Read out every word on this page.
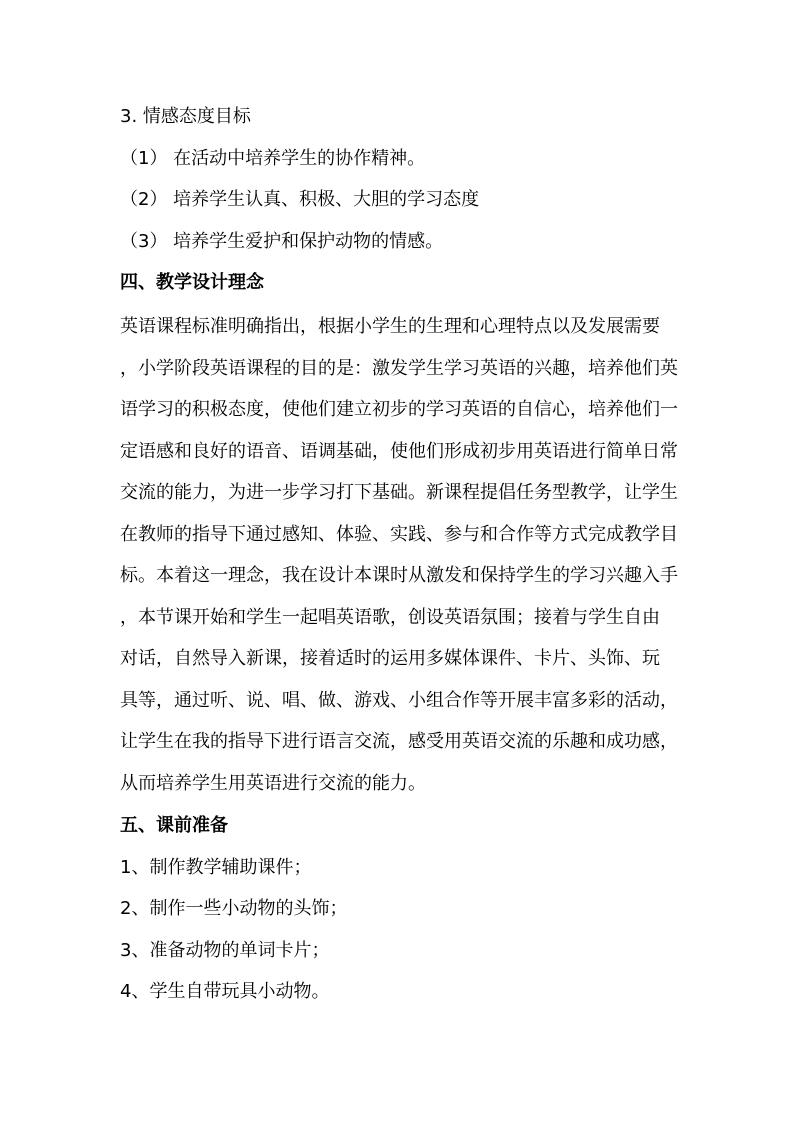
3. 情感态度目标
（1） 在活动中培养学生的协作精神。
（2） 培养学生认真、积极、大胆的学习态度
（3） 培养学生爱护和保护动物的情感。
四、教学设计理念
英语课程标准明确指出，根据小学生的生理和心理特点以及发展需要
，小学阶段英语课程的目的是：激发学生学习英语的兴趣，培养他们英
语学习的积极态度，使他们建立初步的学习英语的自信心，培养他们一
定语感和良好的语音、语调基础，使他们形成初步用英语进行简单日常
交流的能力，为进一步学习打下基础。新课程提倡任务型教学，让学生
在教师的指导下通过感知、体验、实践、参与和合作等方式完成教学目
标。本着这一理念，我在设计本课时从激发和保持学生的学习兴趣入手
，本节课开始和学生一起唱英语歌，创设英语氛围；接着与学生自由
对话，自然导入新课，接着适时的运用多媒体课件、卡片、头饰、玩
具等，通过听、说、唱、做、游戏、小组合作等开展丰富多彩的活动，
让学生在我的指导下进行语言交流，感受用英语交流的乐趣和成功感，
从而培养学生用英语进行交流的能力。
五、课前准备
1、制作教学辅助课件；
2、制作一些小动物的头饰；
3、准备动物的单词卡片；
4、学生自带玩具小动物。
